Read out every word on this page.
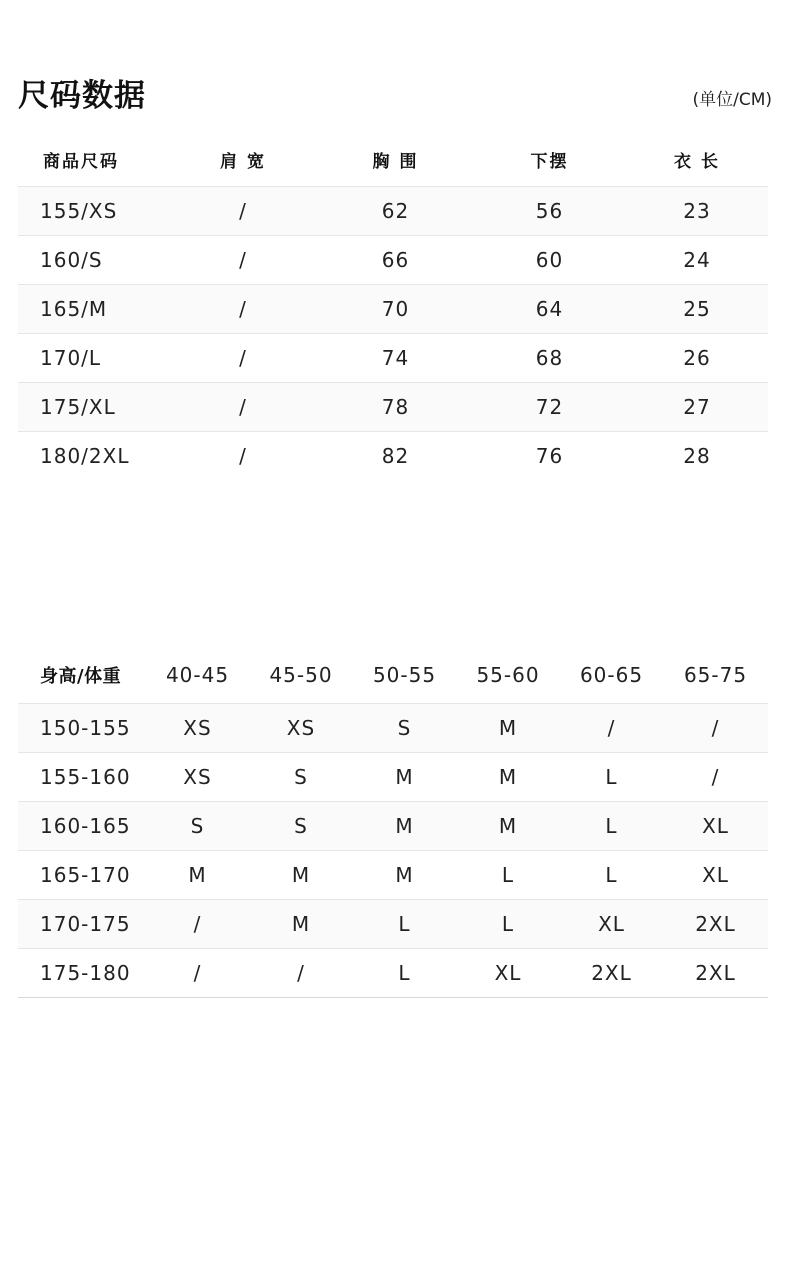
尺码数据	(单位/CM)
商品尺码	肩 宽	胸 围	下摆	衣 长
155/XS	/	62	56	23
160/S	/	66	60	24
165/M	/	70	64	25
170/L	/	74	68	26
175/XL	/	78	72	27
180/2XL	/	82	76	28
身高/体重	40-45	45-50	50-55	55-60	60-65	65-75
150-155	XS	XS	S	M	/	/
155-160	XS	S	M	M	L	/
160-165	S	S	M	M	L	XL
165-170	M	M	M	L	L	XL
170-175	/	M	L	L	XL	2XL
175-180	/	/	L	XL	2XL	2XL
